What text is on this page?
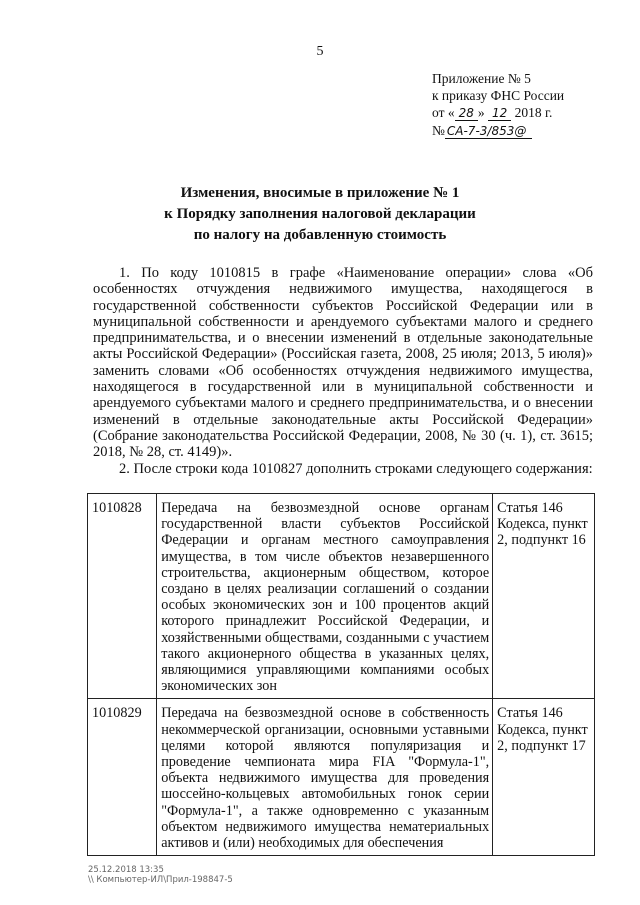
5
Приложение № 5
к приказу ФНС России
от « 28 » 12 2018 г.
№ СА-7-3/853@
Изменения, вносимые в приложение № 1
к Порядку заполнения налоговой декларации
по налогу на добавленную стоимость

1. По коду 1010815 в графе «Наименование операции» слова «Об особенностях отчуждения недвижимого имущества, находящегося в государственной собственности субъектов Российской Федерации или в муниципальной собственности и арендуемого субъектами малого и среднего предпринимательства, и о внесении изменений в отдельные законодательные акты Российской Федерации» (Российская газета, 2008, 25 июля; 2013, 5 июля)» заменить словами «Об особенностях отчуждения недвижимого имущества, находящегося в государственной или в муниципальной собственности и арендуемого субъектами малого и среднего предпринимательства, и о внесении изменений в отдельные законодательные акты Российской Федерации» (Собрание законодательства Российской Федерации, 2008, № 30 (ч. 1), ст. 3615; 2018, № 28, ст. 4149)».

2. После строки кода 1010827 дополнить строками следующего содержания:

1010828	Передача на безвозмездной основе органам государственной власти субъектов Российской Федерации и органам местного самоуправления имущества, в том числе объектов незавершенного строительства, акционерным обществом, которое создано в целях реализации соглашений о создании особых экономических зон и 100 процентов акций которого принадлежит Российской Федерации, и хозяйственными обществами, созданными с участием такого акционерного общества в указанных целях, являющимися управляющими компаниями особых экономических зон	Статья 146 Кодекса, пункт 2, подпункт 16
1010829	Передача на безвозмездной основе в собственность некоммерческой организации, основными уставными целями которой являются популяризация и проведение чемпионата мира FIA "Формула-1", объекта недвижимого имущества для проведения шоссейно-кольцевых автомобильных гонок серии "Формула-1", а также одновременно с указанным объектом недвижимого имущества нематериальных активов и (или) необходимых для обеспечения	Статья 146 Кодекса, пункт 2, подпункт 17
25.12.2018 13:35
\\ Компьютер-ИЛ\Прил-198847-5
